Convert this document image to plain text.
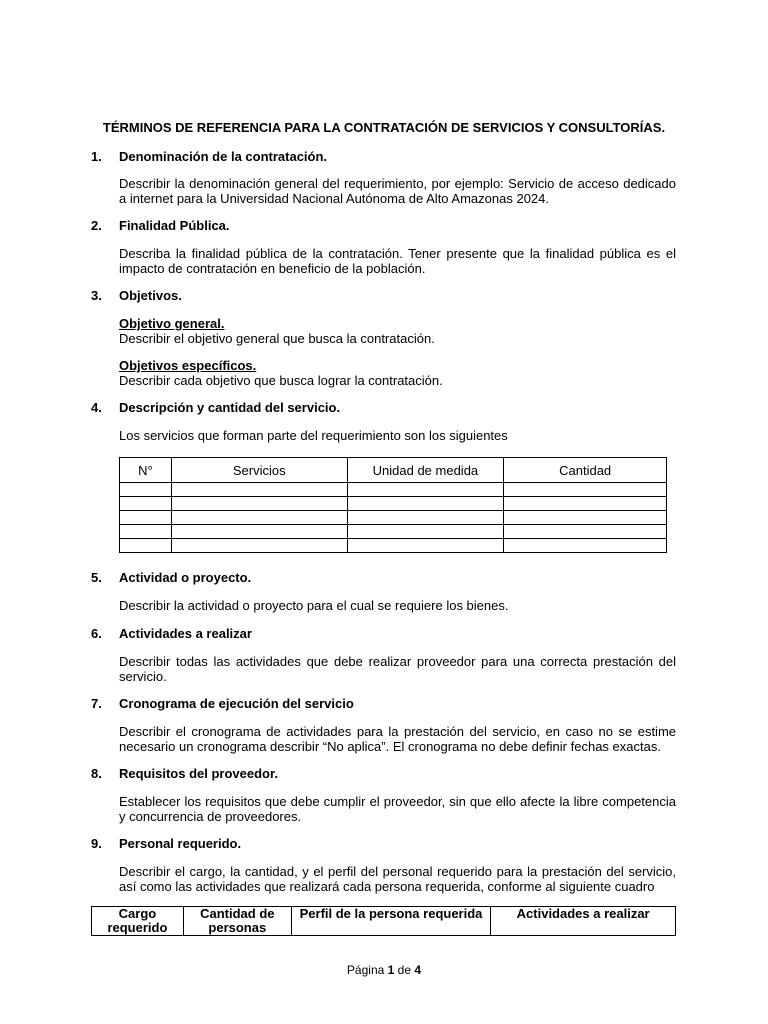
TÉRMINOS DE REFERENCIA PARA LA CONTRATACIÓN DE SERVICIOS Y CONSULTORÍAS.
1. Denominación de la contratación.
Describir la denominación general del requerimiento, por ejemplo: Servicio de acceso dedicado a internet para la Universidad Nacional Autónoma de Alto Amazonas 2024.
2. Finalidad Pública.
Describa la finalidad pública de la contratación. Tener presente que la finalidad pública es el impacto de contratación en beneficio de la población.
3. Objetivos.
Objetivo general.
Describir el objetivo general que busca la contratación.
Objetivos específicos.
Describir cada objetivo que busca lograr la contratación.
4. Descripción y cantidad del servicio.
Los servicios que forman parte del requerimiento son los siguientes
N°	Servicios	Unidad de medida	Cantidad

5. Actividad o proyecto.
Describir la actividad o proyecto para el cual se requiere los bienes.
6. Actividades a realizar
Describir todas las actividades que debe realizar proveedor para una correcta prestación del servicio.
7. Cronograma de ejecución del servicio
Describir el cronograma de actividades para la prestación del servicio, en caso no se estime necesario un cronograma describir “No aplica”. El cronograma no debe definir fechas exactas.
8. Requisitos del proveedor.
Establecer los requisitos que debe cumplir el proveedor, sin que ello afecte la libre competencia y concurrencia de proveedores.
9. Personal requerido.
Describir el cargo, la cantidad, y el perfil del personal requerido para la prestación del servicio, así como las actividades que realizará cada persona requerida, conforme al siguiente cuadro
Cargo requerido	Cantidad de personas	Perfil de la persona requerida	Actividades a realizar
Página 1 de 4
